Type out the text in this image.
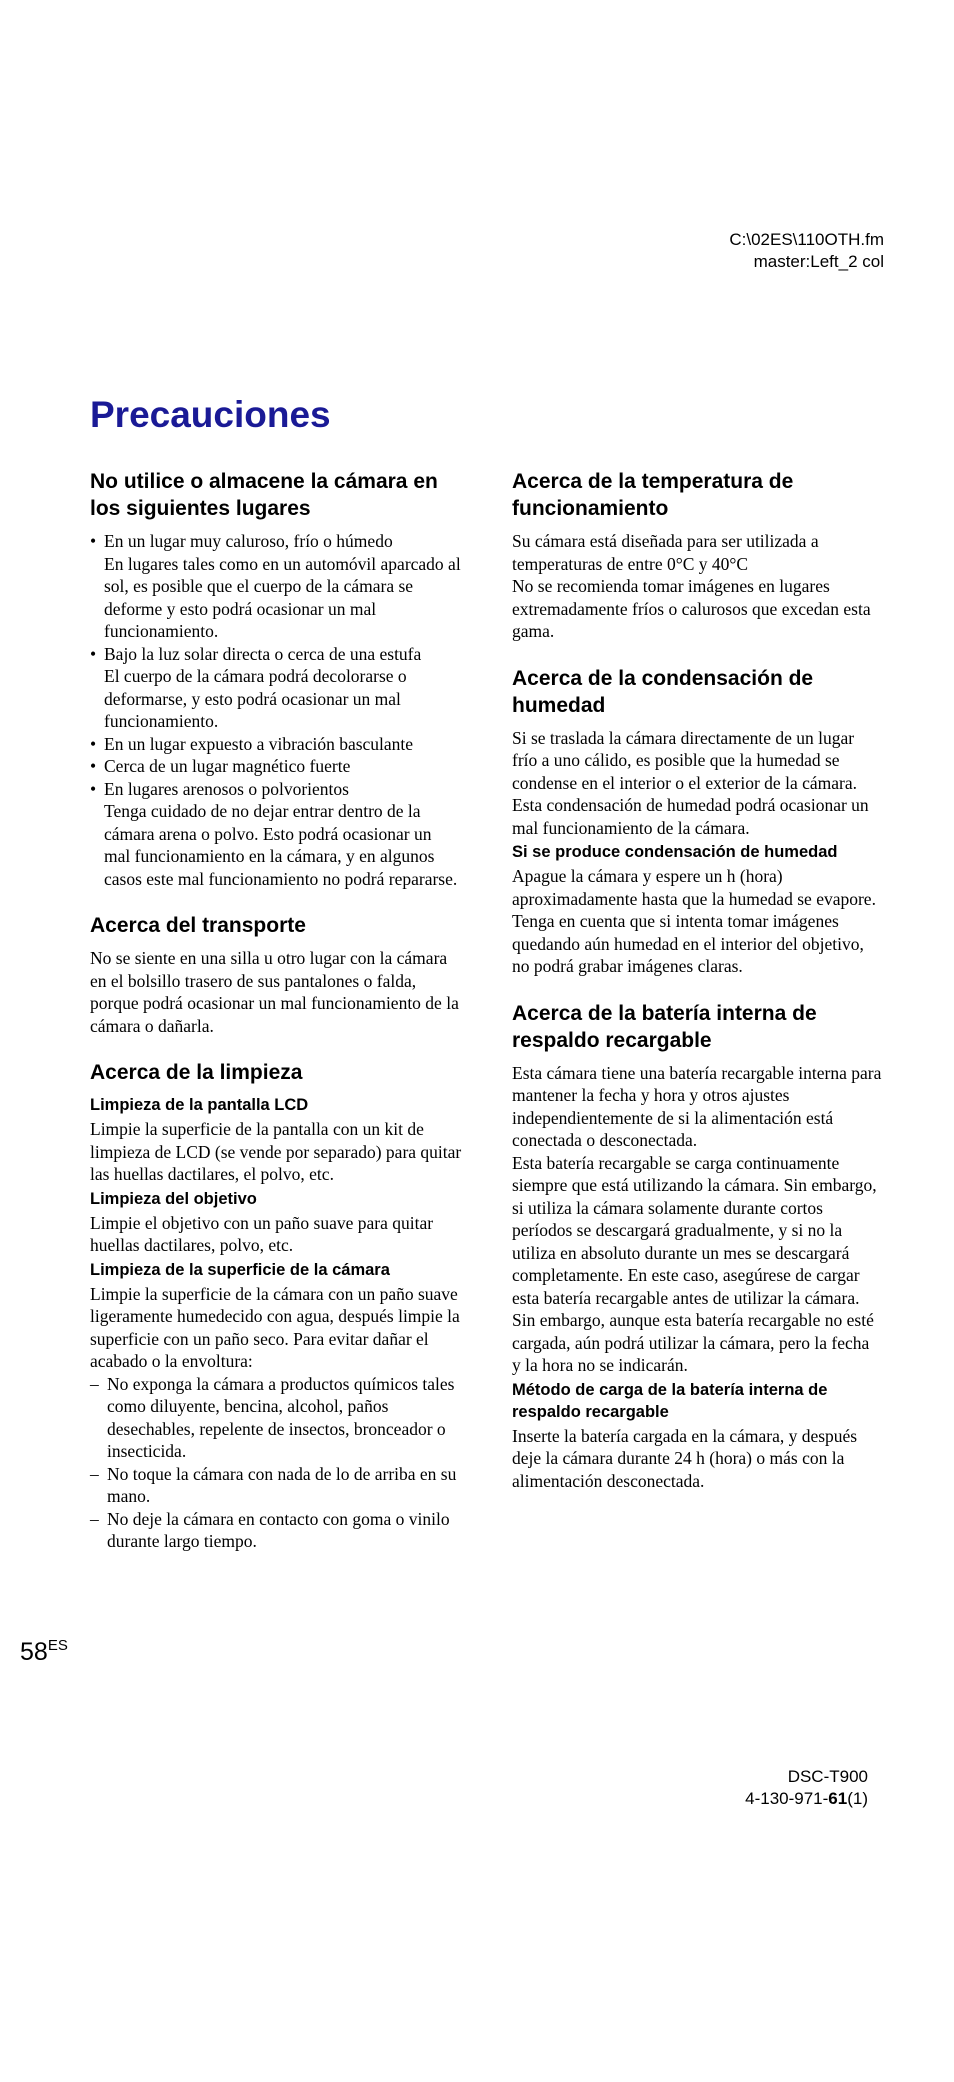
C:\02ES\110OTH.fm
master:Left_2 col
Precauciones
No utilice o almacene la cámara en los siguientes lugares
• En un lugar muy caluroso, frío o húmedo
En lugares tales como en un automóvil aparcado al sol, es posible que el cuerpo de la cámara se deforme y esto podrá ocasionar un mal funcionamiento.
• Bajo la luz solar directa o cerca de una estufa
El cuerpo de la cámara podrá decolorarse o deformarse, y esto podrá ocasionar un mal funcionamiento.
• En un lugar expuesto a vibración basculante
• Cerca de un lugar magnético fuerte
• En lugares arenosos o polvorientos
Tenga cuidado de no dejar entrar dentro de la cámara arena o polvo. Esto podrá ocasionar un mal funcionamiento en la cámara, y en algunos casos este mal funcionamiento no podrá repararse.
Acerca del transporte

No se siente en una silla u otro lugar con la cámara en el bolsillo trasero de sus pantalones o falda, porque podrá ocasionar un mal funcionamiento de la cámara o dañarla.

Acerca de la limpieza
Limpieza de la pantalla LCD

Limpie la superficie de la pantalla con un kit de limpieza de LCD (se vende por separado) para quitar las huellas dactilares, el polvo, etc.

Limpieza del objetivo

Limpie el objetivo con un paño suave para quitar huellas dactilares, polvo, etc.

Limpieza de la superficie de la cámara

Limpie la superficie de la cámara con un paño suave ligeramente humedecido con agua, después limpie la superficie con un paño seco. Para evitar dañar el acabado o la envoltura:

– No exponga la cámara a productos químicos tales como diluyente, bencina, alcohol, paños desechables, repelente de insectos, bronceador o insecticida.
– No toque la cámara con nada de lo de arriba en su mano.
– No deje la cámara en contacto con goma o vinilo durante largo tiempo.
Acerca de la temperatura de funcionamiento

Su cámara está diseñada para ser utilizada a temperaturas de entre 0°C y 40°C

No se recomienda tomar imágenes en lugares extremadamente fríos o calurosos que excedan esta gama.

Acerca de la condensación de humedad

Si se traslada la cámara directamente de un lugar frío a uno cálido, es posible que la humedad se condense en el interior o el exterior de la cámara. Esta condensación de humedad podrá ocasionar un mal funcionamiento de la cámara.

Si se produce condensación de humedad

Apague la cámara y espere un h (hora) aproximadamente hasta que la humedad se evapore. Tenga en cuenta que si intenta tomar imágenes quedando aún humedad en el interior del objetivo, no podrá grabar imágenes claras.

Acerca de la batería interna de respaldo recargable

Esta cámara tiene una batería recargable interna para mantener la fecha y hora y otros ajustes independientemente de si la alimentación está conectada o desconectada.

Esta batería recargable se carga continuamente siempre que está utilizando la cámara. Sin embargo, si utiliza la cámara solamente durante cortos períodos se descargará gradualmente, y si no la utiliza en absoluto durante un mes se descargará completamente. En este caso, asegúrese de cargar esta batería recargable antes de utilizar la cámara.

Sin embargo, aunque esta batería recargable no esté cargada, aún podrá utilizar la cámara, pero la fecha y la hora no se indicarán.

Método de carga de la batería interna de respaldo recargable

Inserte la batería cargada en la cámara, y después deje la cámara durante 24 h (hora) o más con la alimentación desconectada.

$58^{ES}$
DSC-T900
4-130-971-61(1)
